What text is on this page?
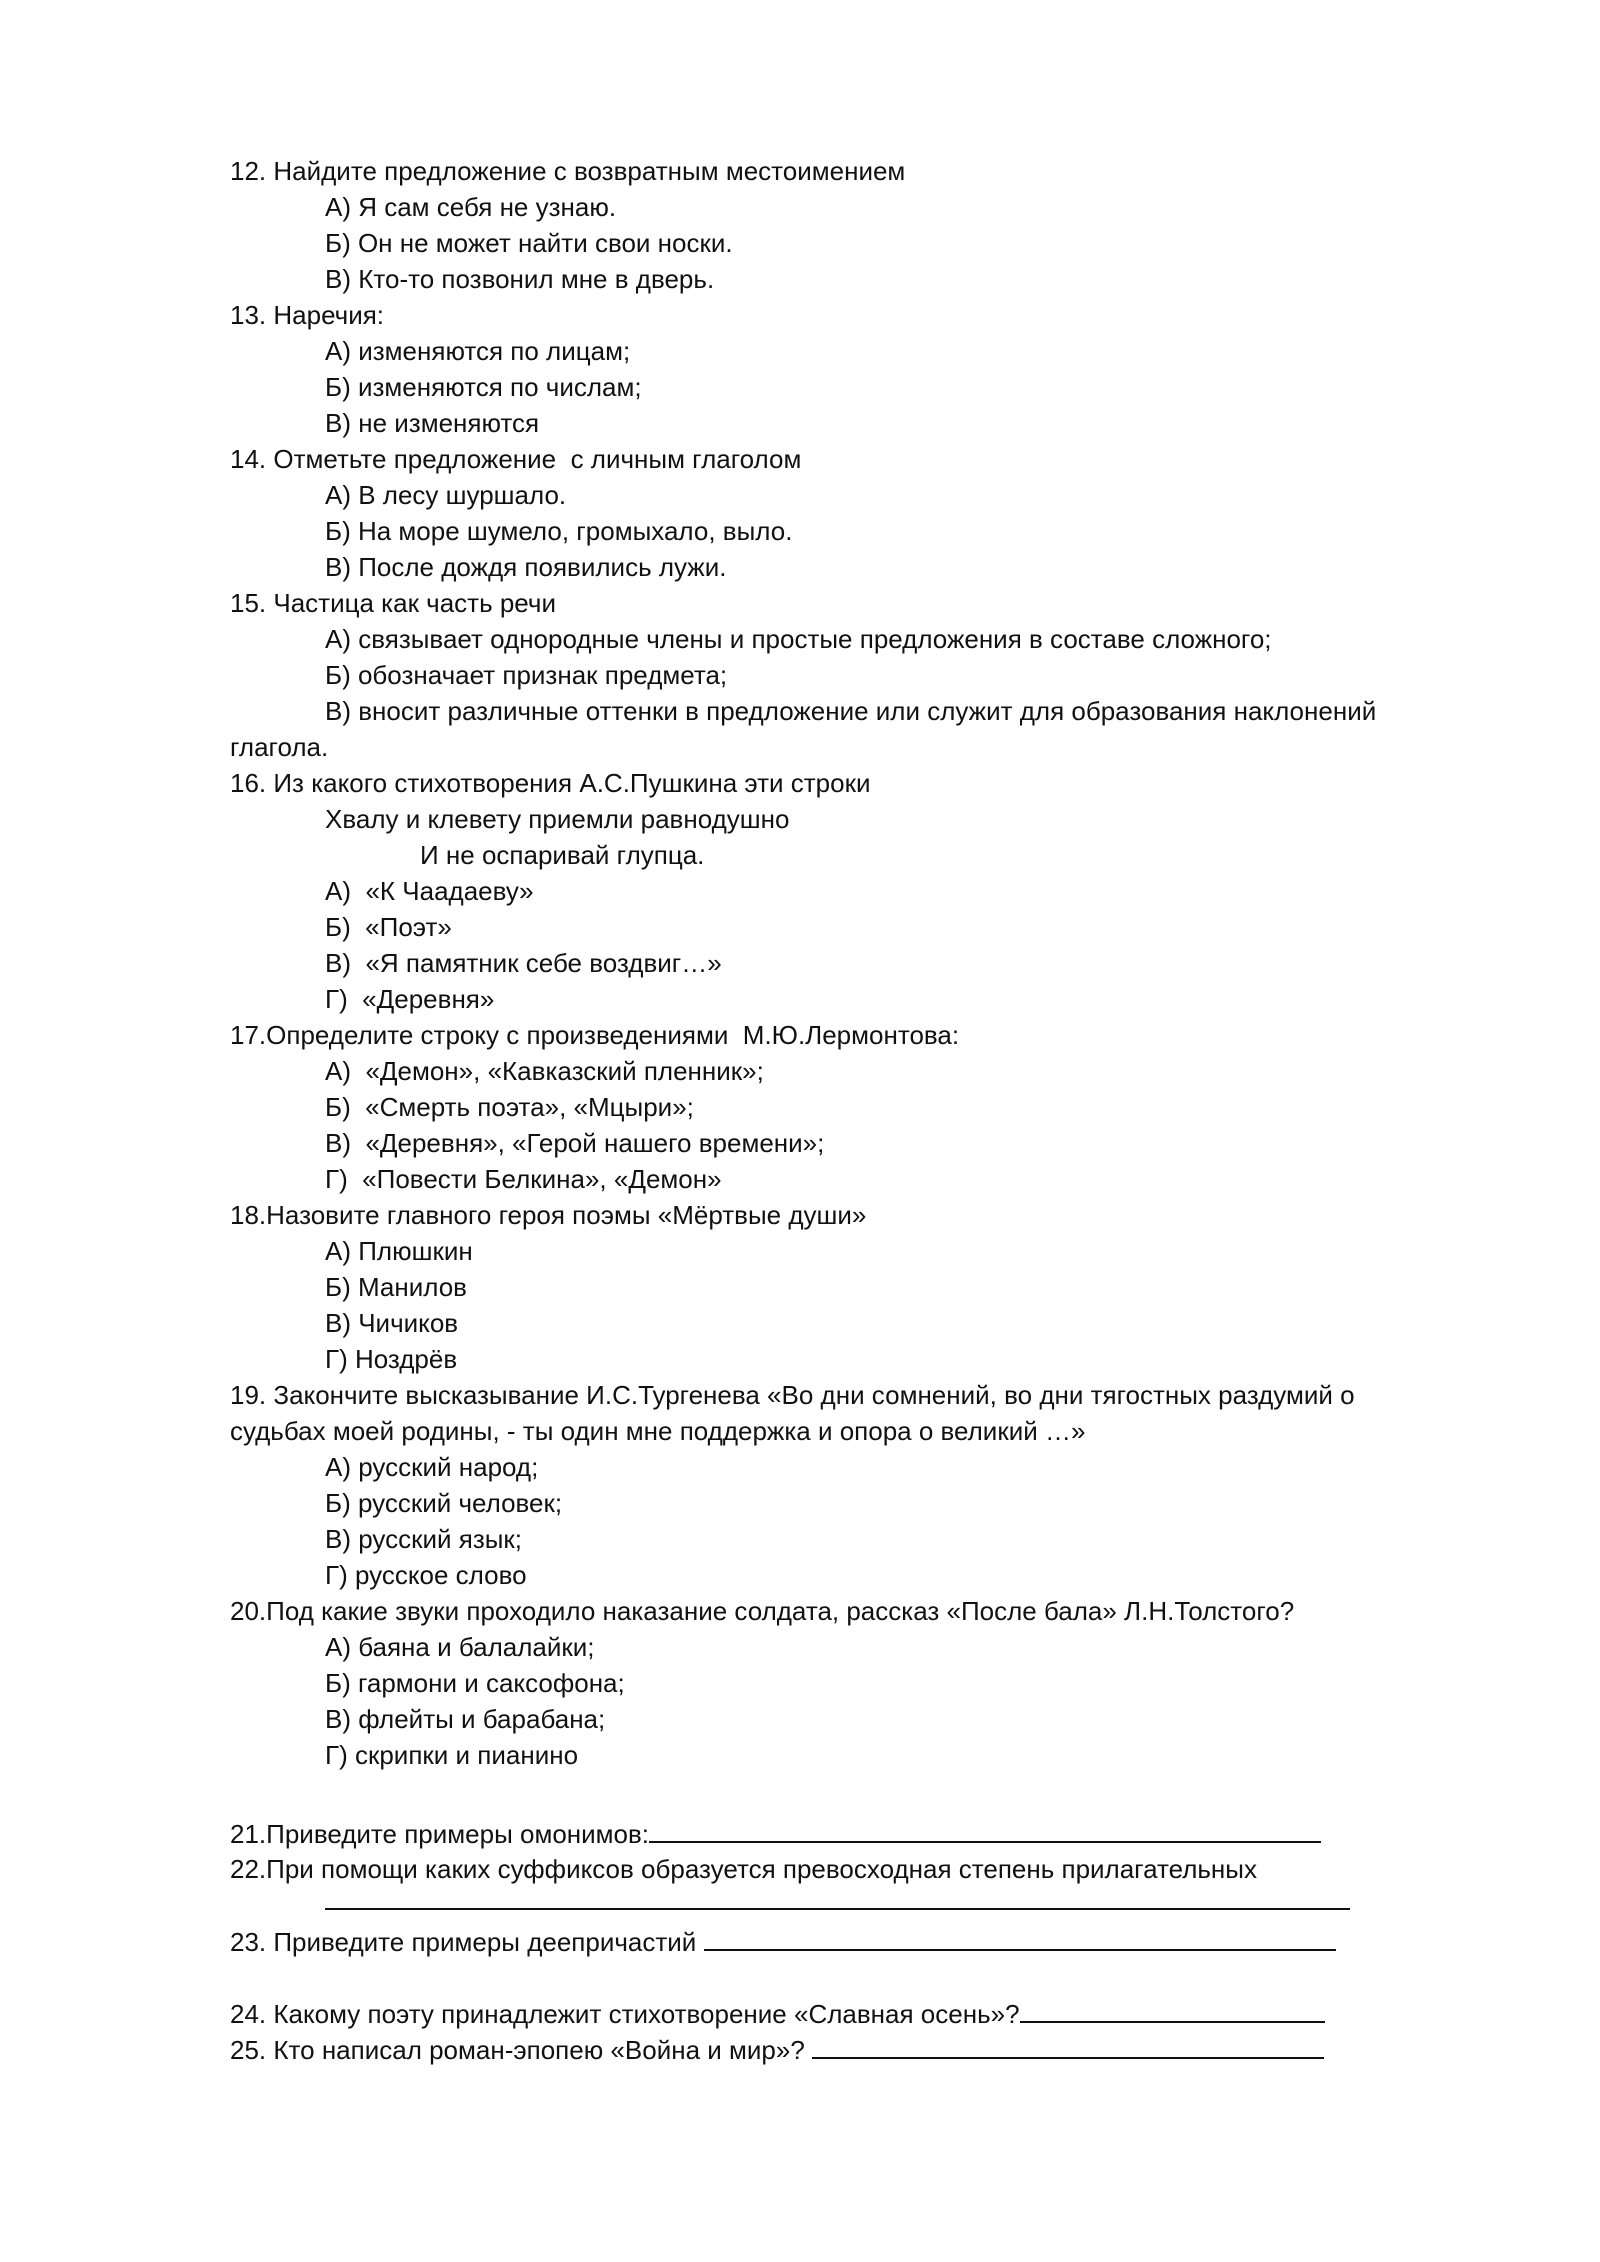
12. Найдите предложение с возвратным местоимением
А) Я сам себя не узнаю.
Б) Он не может найти свои носки.
В) Кто-то позвонил мне в дверь.
13. Наречия:
А) изменяются по лицам;
Б) изменяются по числам;
В) не изменяются
14. Отметьте предложение  с личным глаголом
А) В лесу шуршало.
Б) На море шумело, громыхало, выло.
В) После дождя появились лужи.
15. Частица как часть речи
А) связывает однородные члены и простые предложения в составе сложного;
Б) обозначает признак предмета;
В) вносит различные оттенки в предложение или служит для образования наклонений
глагола.
16. Из какого стихотворения А.С.Пушкина эти строки
Хвалу и клевету приемли равнодушно
И не оспаривай глупца.
А)  «К Чаадаеву»
Б)  «Поэт»
В)  «Я памятник себе воздвиг…»
Г)  «Деревня»
17.Определите строку с произведениями  М.Ю.Лермонтова:
А)  «Демон», «Кавказский пленник»;
Б)  «Смерть поэта», «Мцыри»;
В)  «Деревня», «Герой нашего времени»;
Г)  «Повести Белкина», «Демон»
18.Назовите главного героя поэмы «Мёртвые души»
А) Плюшкин
Б) Манилов
В) Чичиков
Г) Ноздрёв
19. Закончите высказывание И.С.Тургенева «Во дни сомнений, во дни тягостных раздумий о
судьбах моей родины, - ты один мне поддержка и опора о великий …»
А) русский народ;
Б) русский человек;
В) русский язык;
Г) русское слово
20.Под какие звуки проходило наказание солдата, рассказ «После бала» Л.Н.Толстого?
А) баяна и балалайки;
Б) гармони и саксофона;
В) флейты и барабана;
Г) скрипки и пианино
21.Приведите примеры омонимов:
22.При помощи каких суффиксов образуется превосходная степень прилагательных
23. Приведите примеры деепричастий
24. Какому поэту принадлежит стихотворение «Славная осень»?
25. Кто написал роман-эпопею «Война и мир»?
